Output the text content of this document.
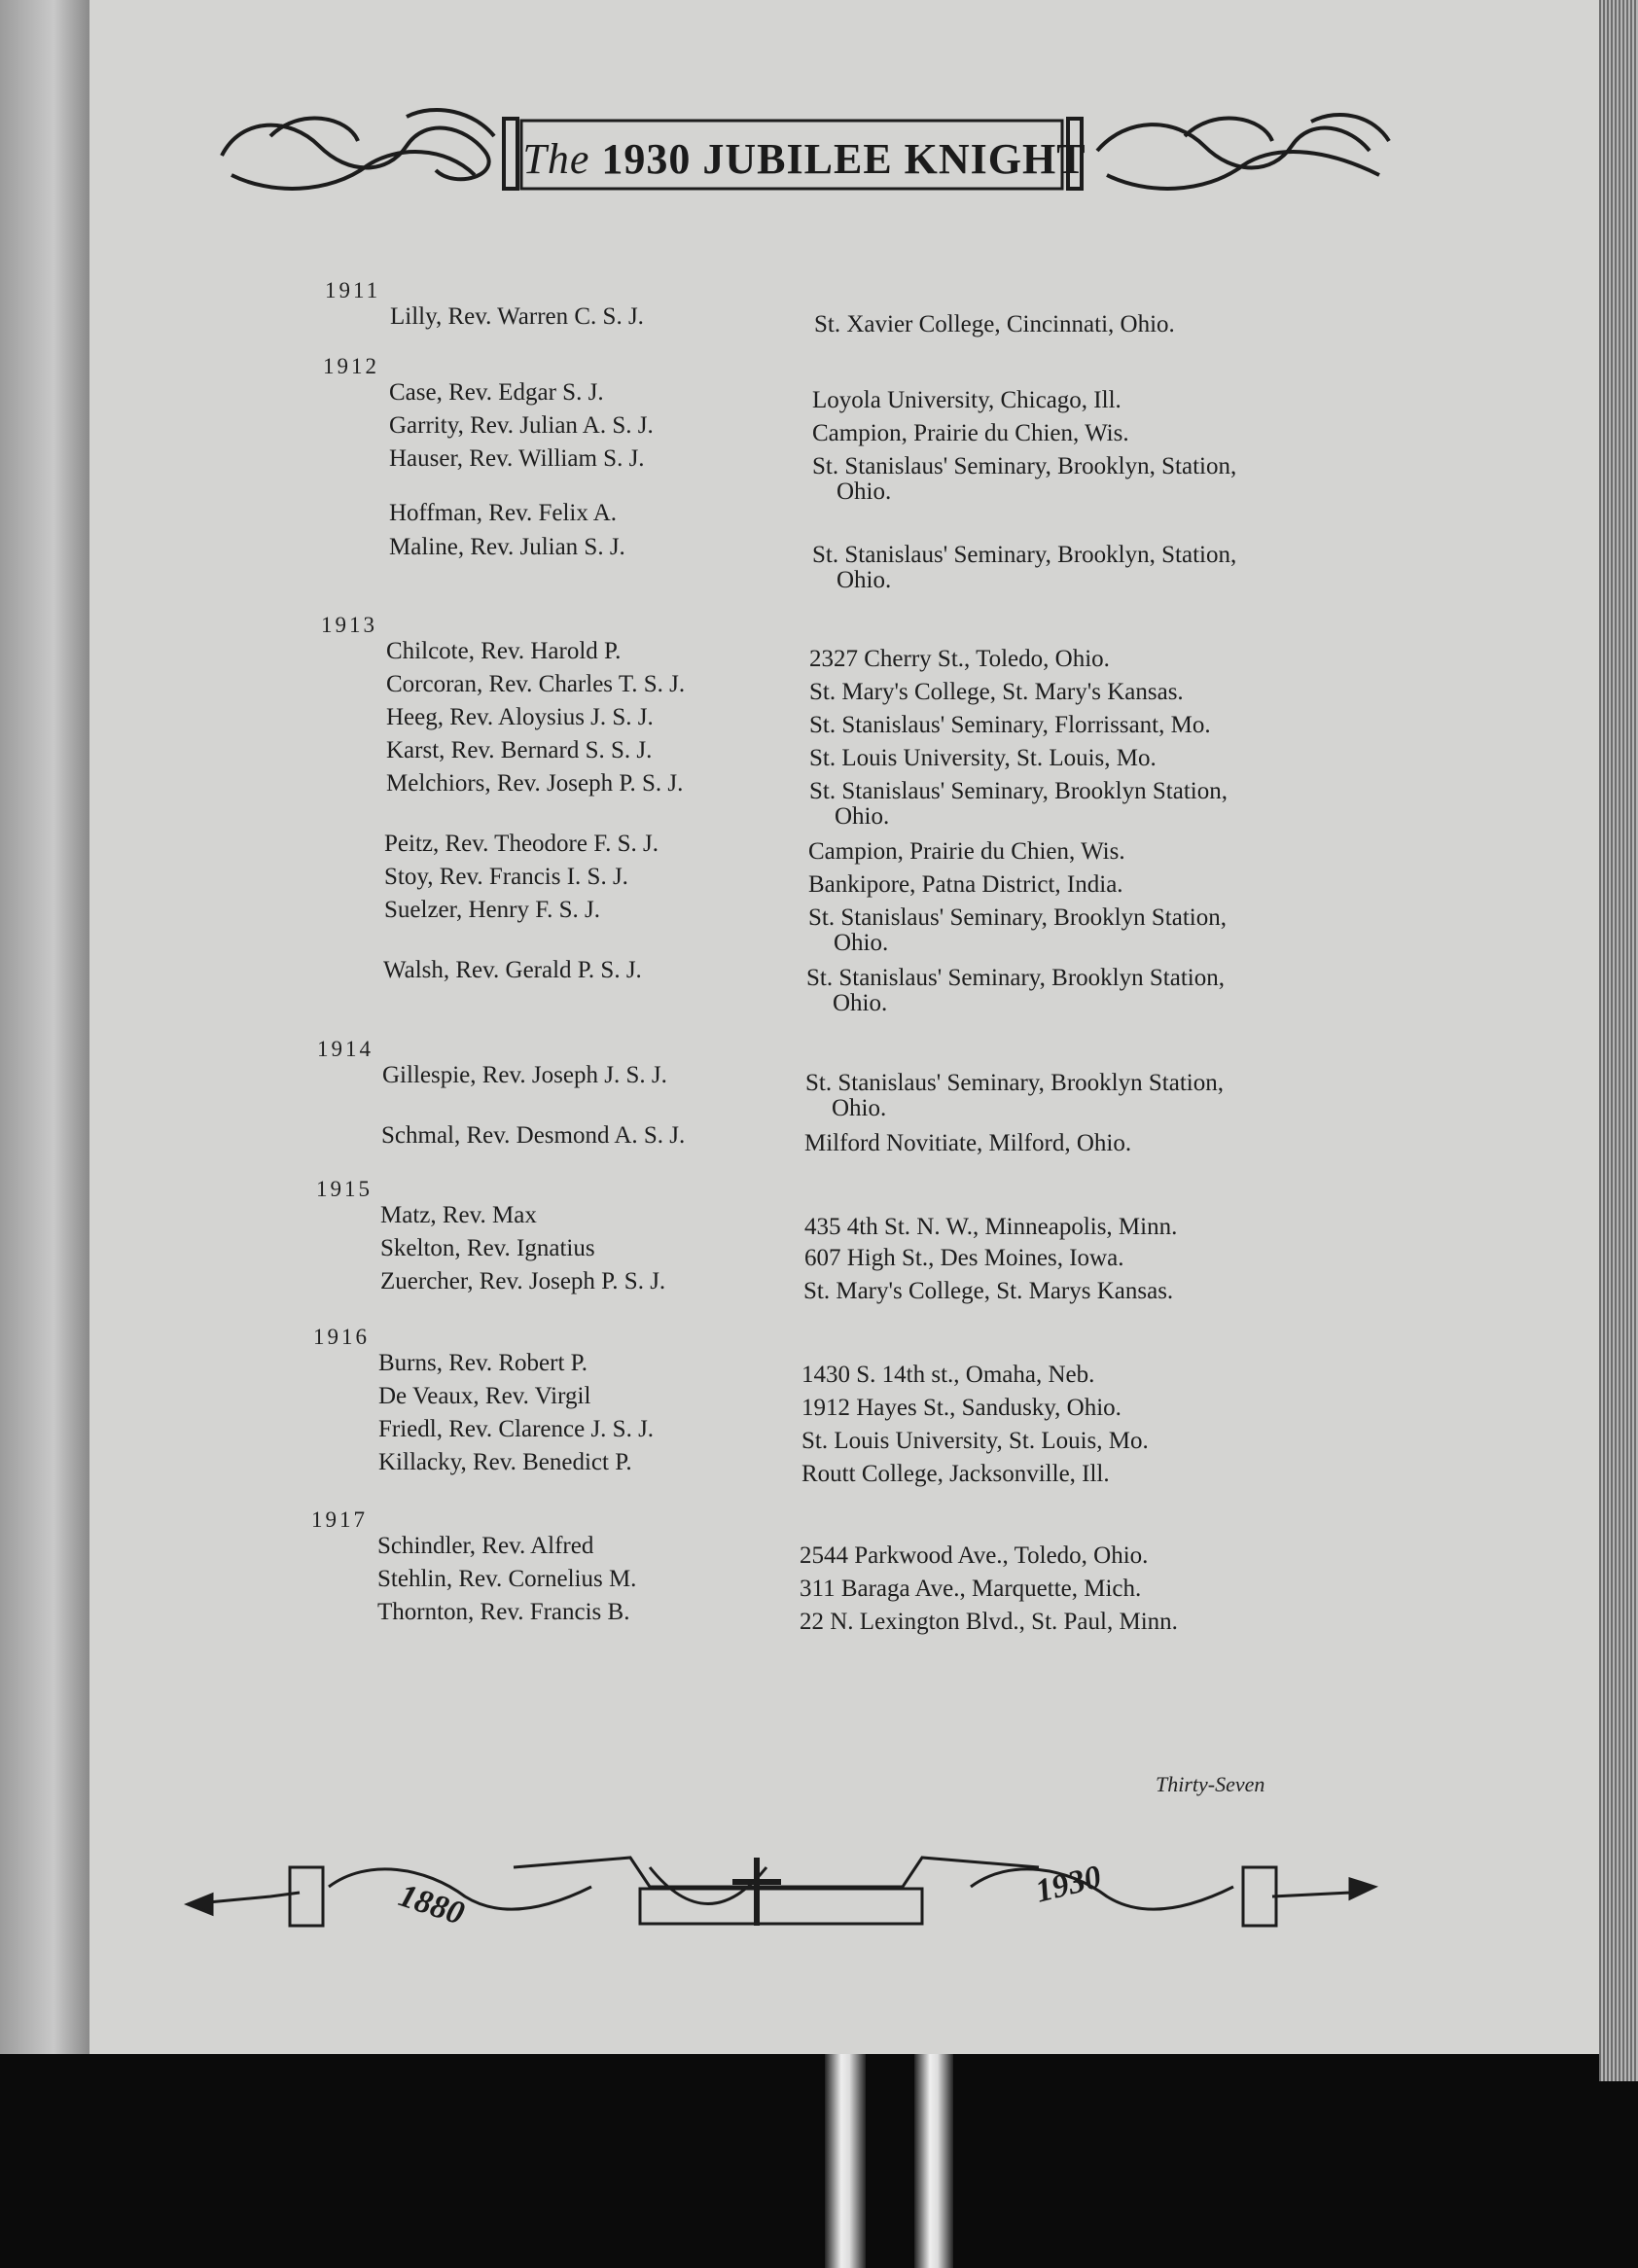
The 1930 JUBILEE KNIGHT
1911
Lilly, Rev. Warren C. S. J.	St. Xavier College, Cincinnati, Ohio.
1912
Case, Rev. Edgar S. J.	Loyola University, Chicago, Ill.
Garrity, Rev. Julian A. S. J.	Campion, Prairie du Chien, Wis.
Hauser, Rev. William S. J.	St. Stanislaus' Seminary, Brooklyn, Station,
Ohio.
Hoffman, Rev. Felix A.
Maline, Rev. Julian S. J.	St. Stanislaus' Seminary, Brooklyn, Station,
Ohio.
1913
Chilcote, Rev. Harold P.	2327 Cherry St., Toledo, Ohio.
Corcoran, Rev. Charles T. S. J.	St. Mary's College, St. Mary's Kansas.
Heeg, Rev. Aloysius J. S. J.	St. Stanislaus' Seminary, Florrissant, Mo.
Karst, Rev. Bernard S. S. J.	St. Louis University, St. Louis, Mo.
Melchiors, Rev. Joseph P. S. J.	St. Stanislaus' Seminary, Brooklyn Station,
Ohio.
Peitz, Rev. Theodore F. S. J.	Campion, Prairie du Chien, Wis.
Stoy, Rev. Francis I. S. J.	Bankipore, Patna District, India.
Suelzer, Henry F. S. J.	St. Stanislaus' Seminary, Brooklyn Station,
Ohio.
Walsh, Rev. Gerald P. S. J.	St. Stanislaus' Seminary, Brooklyn Station,
Ohio.
1914
Gillespie, Rev. Joseph J. S. J.	St. Stanislaus' Seminary, Brooklyn Station,
Ohio.
Schmal, Rev. Desmond A. S. J.	Milford Novitiate, Milford, Ohio.
1915
Matz, Rev. Max	435 4th St. N. W., Minneapolis, Minn.
Skelton, Rev. Ignatius	607 High St., Des Moines, Iowa.
Zuercher, Rev. Joseph P. S. J.	St. Mary's College, St. Marys Kansas.
1916
Burns, Rev. Robert P.	1430 S. 14th st., Omaha, Neb.
De Veaux, Rev. Virgil	1912 Hayes St., Sandusky, Ohio.
Friedl, Rev. Clarence J. S. J.	St. Louis University, St. Louis, Mo.
Killacky, Rev. Benedict P.	Routt College, Jacksonville, Ill.
1917
Schindler, Rev. Alfred	2544 Parkwood Ave., Toledo, Ohio.
Stehlin, Rev. Cornelius M.	311 Baraga Ave., Marquette, Mich.
Thornton, Rev. Francis B.	22 N. Lexington Blvd., St. Paul, Minn.
Thirty-Seven
1880	1930
